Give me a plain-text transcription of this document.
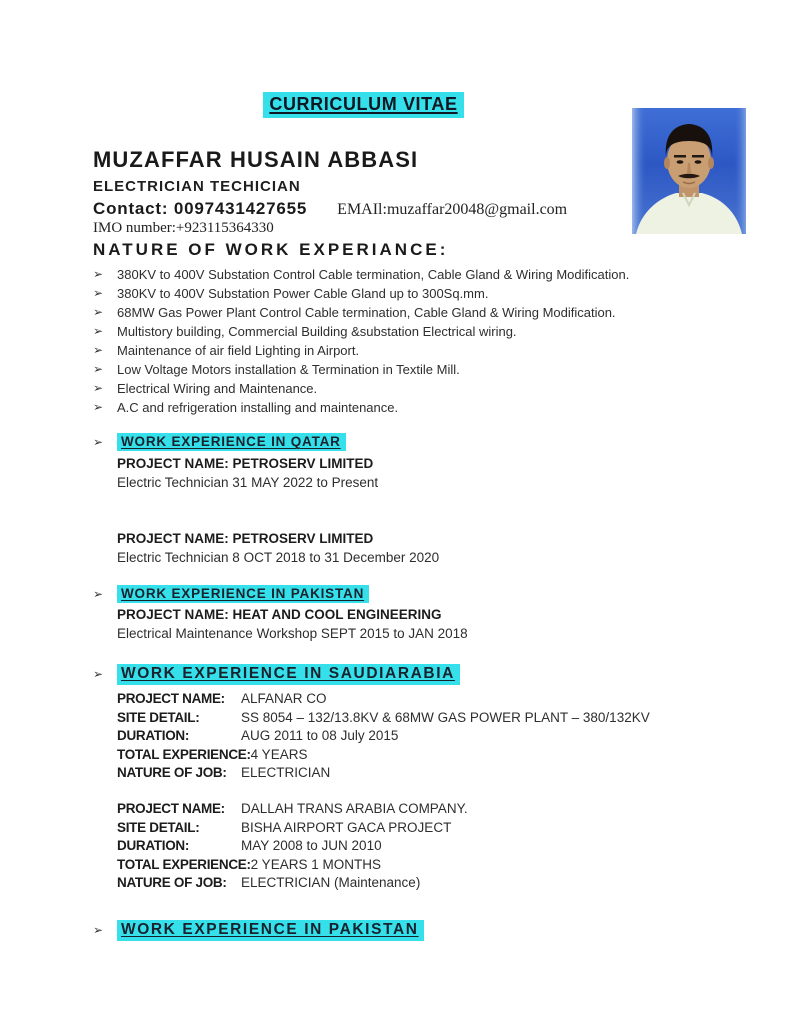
CURRICULUM VITAE
MUZAFFAR HUSAIN ABBASI
ELECTRICIAN TECHICIAN
Contact: 0097431427655 EMAIl:muzaffar20048@gmail.com
IMO number:+923115364330
NATURE OF WORK EXPERIANCE:
➢	380KV to 400V Substation Control Cable termination, Cable Gland & Wiring Modification.
➢	380KV to 400V Substation Power Cable Gland up to 300Sq.mm.
➢	68MW Gas Power Plant Control Cable termination, Cable Gland & Wiring Modification.
➢	Multistory building, Commercial Building &substation Electrical wiring.
➢	Maintenance of air field Lighting in Airport.
➢	Low Voltage Motors installation & Termination in Textile Mill.
➢	Electrical Wiring and Maintenance.
➢	A.C and refrigeration installing and maintenance.
➢	WORK EXPERIENCE IN QATAR
PROJECT NAME: PETROSERV LIMITED
Electric Technician 31 MAY 2022 to Present
PROJECT NAME: PETROSERV LIMITED
Electric Technician 8 OCT 2018 to 31 December 2020
➢	WORK EXPERIENCE IN PAKISTAN
PROJECT NAME: HEAT AND COOL ENGINEERING
Electrical Maintenance Workshop SEPT 2015 to JAN 2018
➢	WORK EXPERIENCE IN SAUDIARABIA
PROJECT NAME:	ALFANAR CO
SITE DETAIL:	SS 8054 – 132/13.8KV & 68MW GAS POWER PLANT – 380/132KV
DURATION:	AUG 2011 to 08 July 2015
TOTAL EXPERIENCE: 4 YEARS
NATURE OF JOB:	ELECTRICIAN
PROJECT NAME:	DALLAH TRANS ARABIA COMPANY.
SITE DETAIL:	BISHA AIRPORT GACA PROJECT
DURATION:	MAY 2008 to JUN 2010
TOTAL EXPERIENCE: 2 YEARS 1 MONTHS
NATURE OF JOB:	ELECTRICIAN (Maintenance)
➢	WORK EXPERIENCE IN PAKISTAN
